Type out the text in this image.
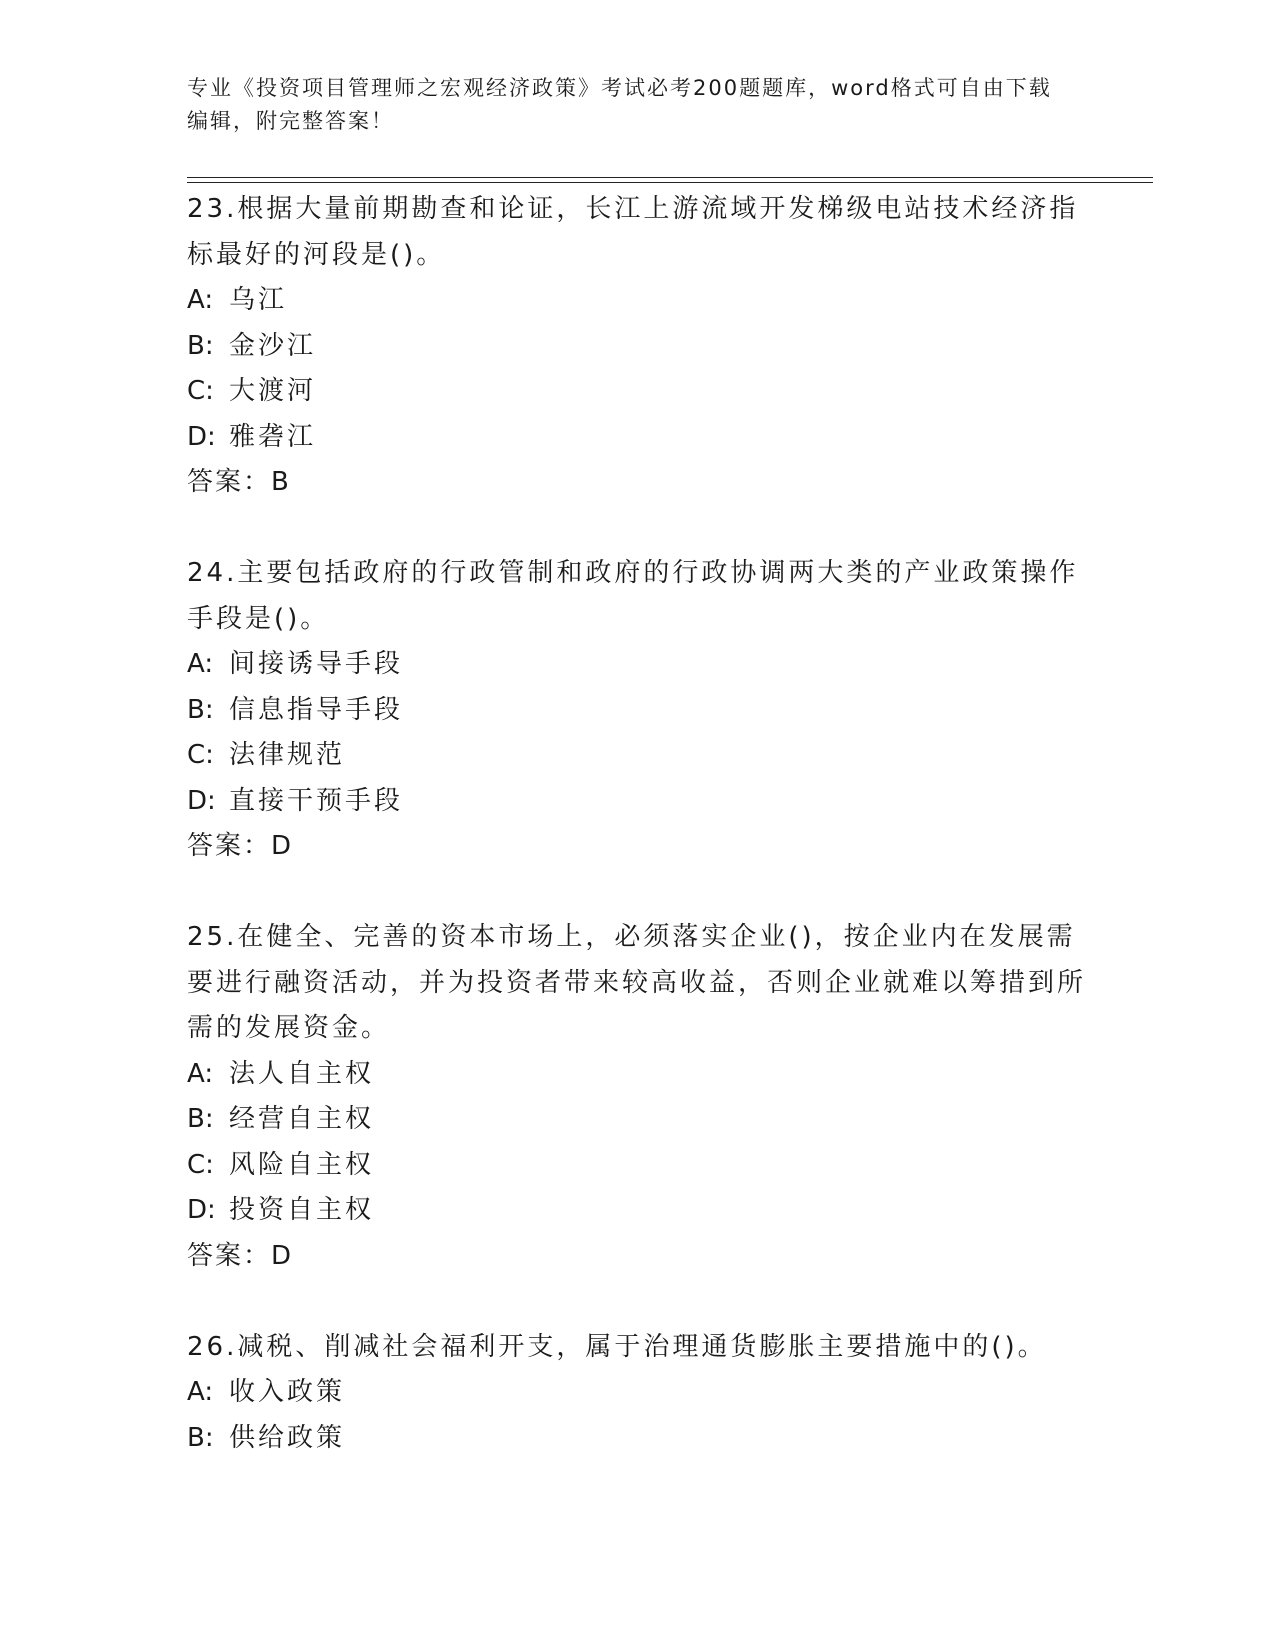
专业《投资项目管理师之宏观经济政策》考试必考200题题库，word格式可自由下载编辑，附完整答案！

23.根据大量前期勘查和论证，长江上游流域开发梯级电站技术经济指标最好的河段是()。

A: 乌江

B: 金沙江

C: 大渡河

D: 雅砻江

答案：B

24.主要包括政府的行政管制和政府的行政协调两大类的产业政策操作手段是()。

A: 间接诱导手段

B: 信息指导手段

C: 法律规范

D: 直接干预手段

答案：D

25.在健全、完善的资本市场上，必须落实企业()，按企业内在发展需要进行融资活动，并为投资者带来较高收益，否则企业就难以筹措到所需的发展资金。

A: 法人自主权

B: 经营自主权

C: 风险自主权

D: 投资自主权

答案：D

26.减税、削减社会福利开支，属于治理通货膨胀主要措施中的()。

A: 收入政策

B: 供给政策
